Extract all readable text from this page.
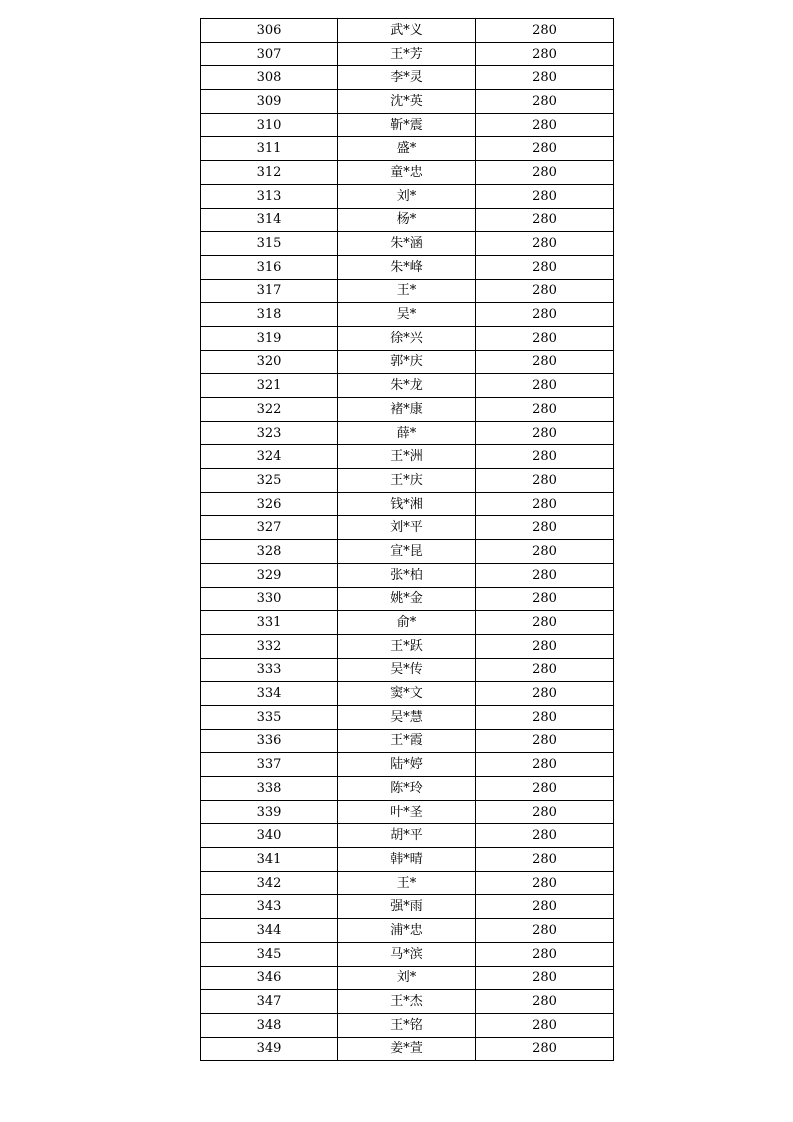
306	武*义	280
307	王*芳	280
308	李*灵	280
309	沈*英	280
310	靳*震	280
311	盛*	280
312	童*忠	280
313	刘*	280
314	杨*	280
315	朱*涵	280
316	朱*峰	280
317	王*	280
318	吴*	280
319	徐*兴	280
320	郭*庆	280
321	朱*龙	280
322	褚*康	280
323	薛*	280
324	王*洲	280
325	王*庆	280
326	钱*湘	280
327	刘*平	280
328	宣*昆	280
329	张*柏	280
330	姚*金	280
331	俞*	280
332	王*跃	280
333	吴*传	280
334	窦*文	280
335	吴*慧	280
336	王*霞	280
337	陆*婷	280
338	陈*玲	280
339	叶*圣	280
340	胡*平	280
341	韩*晴	280
342	王*	280
343	强*雨	280
344	浦*忠	280
345	马*滨	280
346	刘*	280
347	王*杰	280
348	王*铭	280
349	姜*萱	280
